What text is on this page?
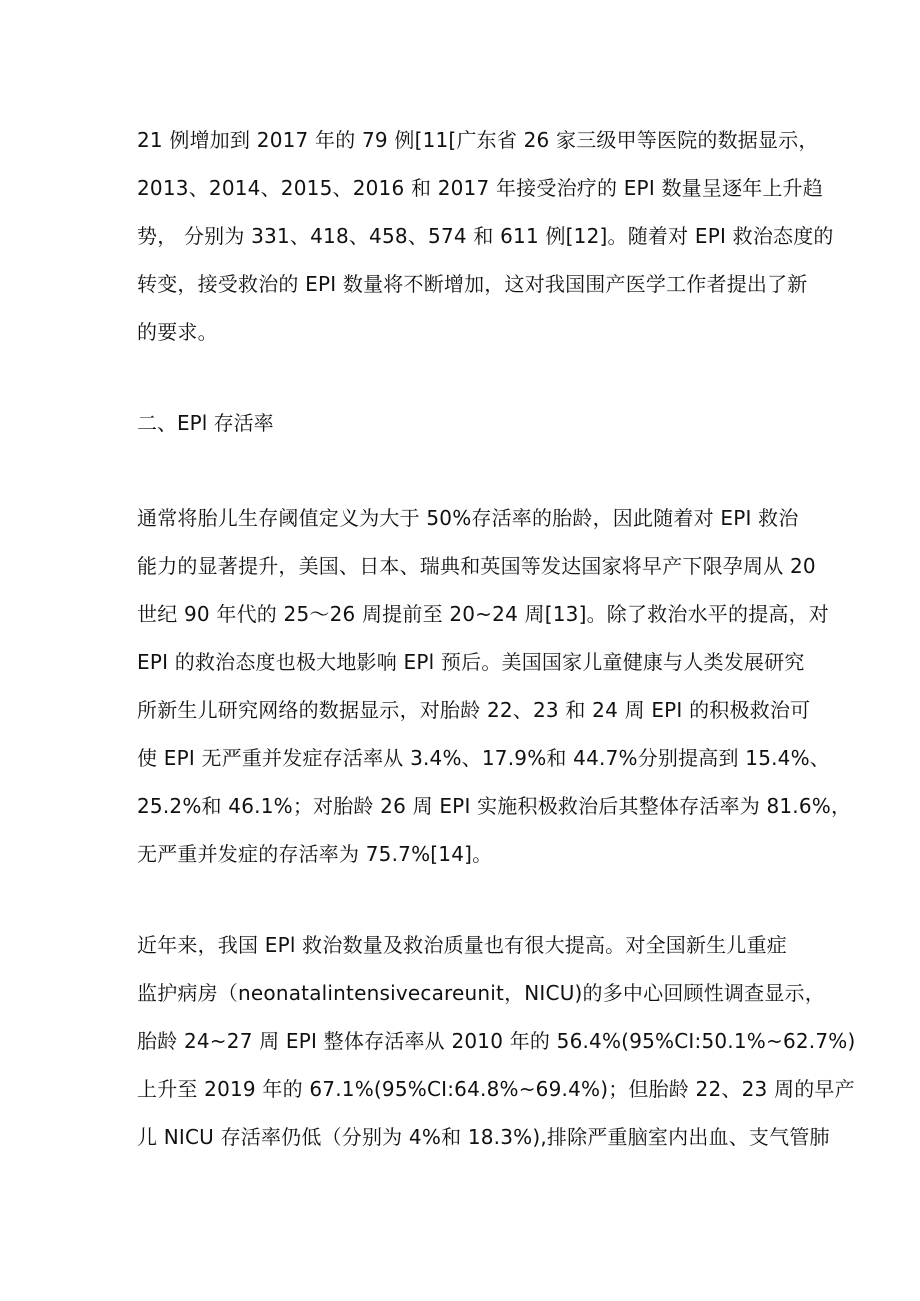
21 例增加到 2017 年的 79 例[11[广东省 26 家三级甲等医院的数据显示，
2013、2014、2015、2016 和 2017 年接受治疗的 EPI 数量呈逐年上升趋
势， 分别为 331、418、458、574 和 611 例[12]。随着对 EPI 救治态度的
转变，接受救治的 EPI 数量将不断增加，这对我国围产医学工作者提出了新
的要求。
二、EPl 存活率
通常将胎儿生存阈值定义为大于 50%存活率的胎龄，因此随着对 EPI 救治
能力的显著提升，美国、日本、瑞典和英国等发达国家将早产下限孕周从 20
世纪 90 年代的 25～26 周提前至 20~24 周[13]。除了救治水平的提高，对
EPI 的救治态度也极大地影响 EPl 预后。美国国家儿童健康与人类发展研究
所新生儿研究网络的数据显示，对胎龄 22、23 和 24 周 EPI 的积极救治可
使 EPI 无严重并发症存活率从 3.4%、17.9%和 44.7%分别提高到 15.4%、
25.2%和 46.1%；对胎龄 26 周 EPI 实施积极救治后其整体存活率为 81.6%，
无严重并发症的存活率为 75.7%[14]。
近年来，我国 EPl 救治数量及救治质量也有很大提高。对全国新生儿重症
监护病房（neonatalintensivecareunit，NICU)的多中心回顾性调查显示，
胎龄 24~27 周 EPI 整体存活率从 2010 年的 56.4%(95%CI:50.1%~62.7%)
上升至 2019 年的 67.1%(95%CI:64.8%~69.4%)；但胎龄 22、23 周的早产
儿 NICU 存活率仍低（分别为 4%和 18.3%),排除严重脑室内出血、支气管肺
